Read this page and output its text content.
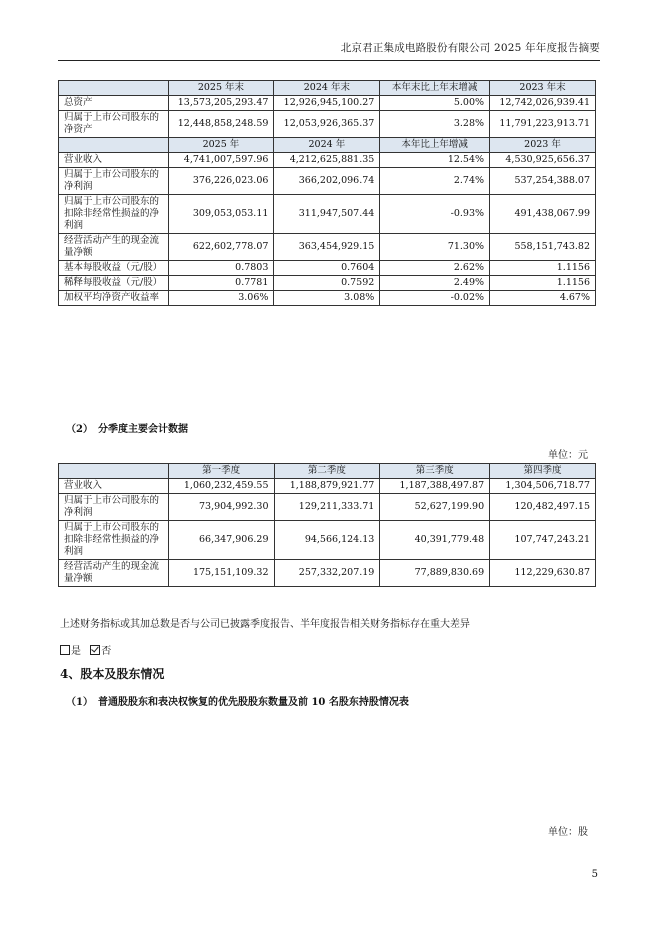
北京君正集成电路股份有限公司 2025 年年度报告摘要
	2025 年末	2024 年末	本年末比上年末增减	2023 年末
总资产	13,573,205,293.47	12,926,945,100.27	5.00%	12,742,026,939.41
归属于上市公司股东的净资产	12,448,858,248.59	12,053,926,365.37	3.28%	11,791,223,913.71
	2025 年	2024 年	本年比上年增减	2023 年
营业收入	4,741,007,597.96	4,212,625,881.35	12.54%	4,530,925,656.37
归属于上市公司股东的净利润	376,226,023.06	366,202,096.74	2.74%	537,254,388.07
归属于上市公司股东的扣除非经常性损益的净利润	309,053,053.11	311,947,507.44	-0.93%	491,438,067.99
经营活动产生的现金流量净额	622,602,778.07	363,454,929.15	71.30%	558,151,743.82
基本每股收益（元/股）	0.7803	0.7604	2.62%	1.1156
稀释每股收益（元/股）	0.7781	0.7592	2.49%	1.1156
加权平均净资产收益率	3.06%	3.08%	-0.02%	4.67%
（2）　分季度主要会计数据
单位：元
	第一季度	第二季度	第三季度	第四季度
营业收入	1,060,232,459.55	1,188,879,921.77	1,187,388,497.87	1,304,506,718.77
归属于上市公司股东的净利润	73,904,992.30	129,211,333.71	52,627,199.90	120,482,497.15
归属于上市公司股东的扣除非经常性损益的净利润	66,347,906.29	94,566,124.13	40,391,779.48	107,747,243.21
经营活动产生的现金流量净额	175,151,109.32	257,332,207.19	77,889,830.69	112,229,630.87
上述财务指标或其加总数是否与公司已披露季度报告、半年度报告相关财务指标存在重大差异
是 否
4、股本及股东情况
（1）　普通股股东和表决权恢复的优先股股东数量及前 10 名股东持股情况表
单位：股
5
